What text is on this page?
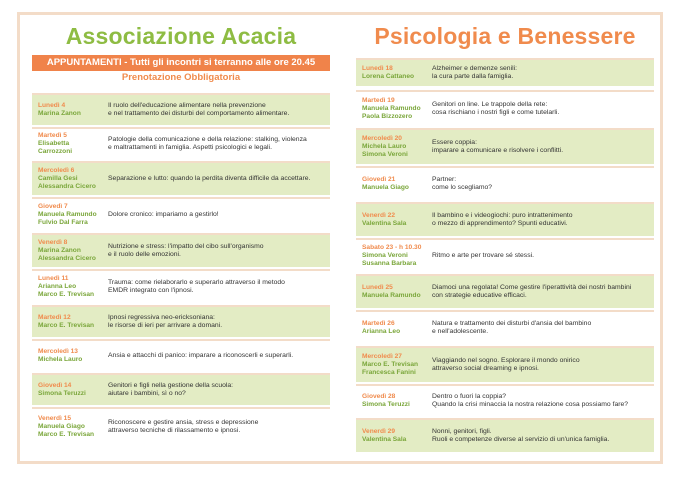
Associazione Acacia
APPUNTAMENTI - Tutti gli incontri si terranno alle ore 20.45
Prenotazione Obbligatoria
Lunedì 4
Marina Zanon
Il ruolo dell'educazione alimentare nella prevenzione
e nel trattamento dei disturbi del comportamento alimentare.
Martedì 5
Elisabetta Carrozzoni
Patologie della comunicazione e della relazione: stalking, violenza
e maltrattamenti in famiglia. Aspetti psicologici e legali.
Mercoledì 6
Camilla Gesi
Alessandra Cicero
Separazione e lutto: quando la perdita diventa difficile da accettare.
Giovedì 7
Manuela Ramundo
Fulvio Dal Farra
Dolore cronico: impariamo a gestirlo!
Venerdì 8
Marina Zanon
Alessandra Cicero
Nutrizione e stress: l'impatto del cibo sull'organismo
e il ruolo delle emozioni.
Lunedì 11
Arianna Leo
Marco E. Trevisan
Trauma: come rielaborarlo e superarlo attraverso il metodo
EMDR integrato con l'ipnosi.
Martedì 12
Marco E. Trevisan
Ipnosi regressiva neo-ericksoniana:
le risorse di ieri per arrivare a domani.
Mercoledì 13
Michela Lauro
Ansia e attacchi di panico: imparare a riconoscerli e superarli.
Giovedì 14
Simona Teruzzi
Genitori e figli nella gestione della scuola:
aiutare i bambini, sì o no?
Venerdì 15
Manuela Giago
Marco E. Trevisan
Riconoscere e gestire ansia, stress e depressione
attraverso tecniche di rilassamento e ipnosi.
Psicologia e Benessere
Lunedì 18
Lorena Cattaneo
Alzheimer e demenze senili:
la cura parte dalla famiglia.
Martedì 19
Manuela Ramundo
Paola Bizzozero
Genitori on line. Le trappole della rete:
cosa rischiano i nostri figli e come tutelarli.
Mercoledì 20
Michela Lauro
Simona Veroni
Essere coppia:
imparare a comunicare e risolvere i conflitti.
Giovedì 21
Manuela Giago
Partner:
come lo scegliamo?
Venerdì 22
Valentina Sala
Il bambino e i videogiochi: puro intrattenimento
o mezzo di apprendimento? Spunti educativi.
Sabato 23 - h 10.30
Simona Veroni
Susanna Barbara
Ritmo e arte per trovare sé stessi.
Lunedì 25
Manuela Ramundo
Diamoci una regolata! Come gestire l'iperattività dei nostri bambini
con strategie educative efficaci.
Martedì 26
Arianna Leo
Natura e trattamento dei disturbi d'ansia del bambino
e nell'adolescente.
Mercoledì 27
Marco E. Trevisan
Francesca Fanini
Viaggiando nel sogno. Esplorare il mondo onirico
attraverso social dreaming e ipnosi.
Giovedì 28
Simona Teruzzi
Dentro o fuori la coppia?
Quando la crisi minaccia la nostra relazione cosa possiamo fare?
Venerdì 29
Valentina Sala
Nonni, genitori, figli.
Ruoli e competenze diverse al servizio di un'unica famiglia.
